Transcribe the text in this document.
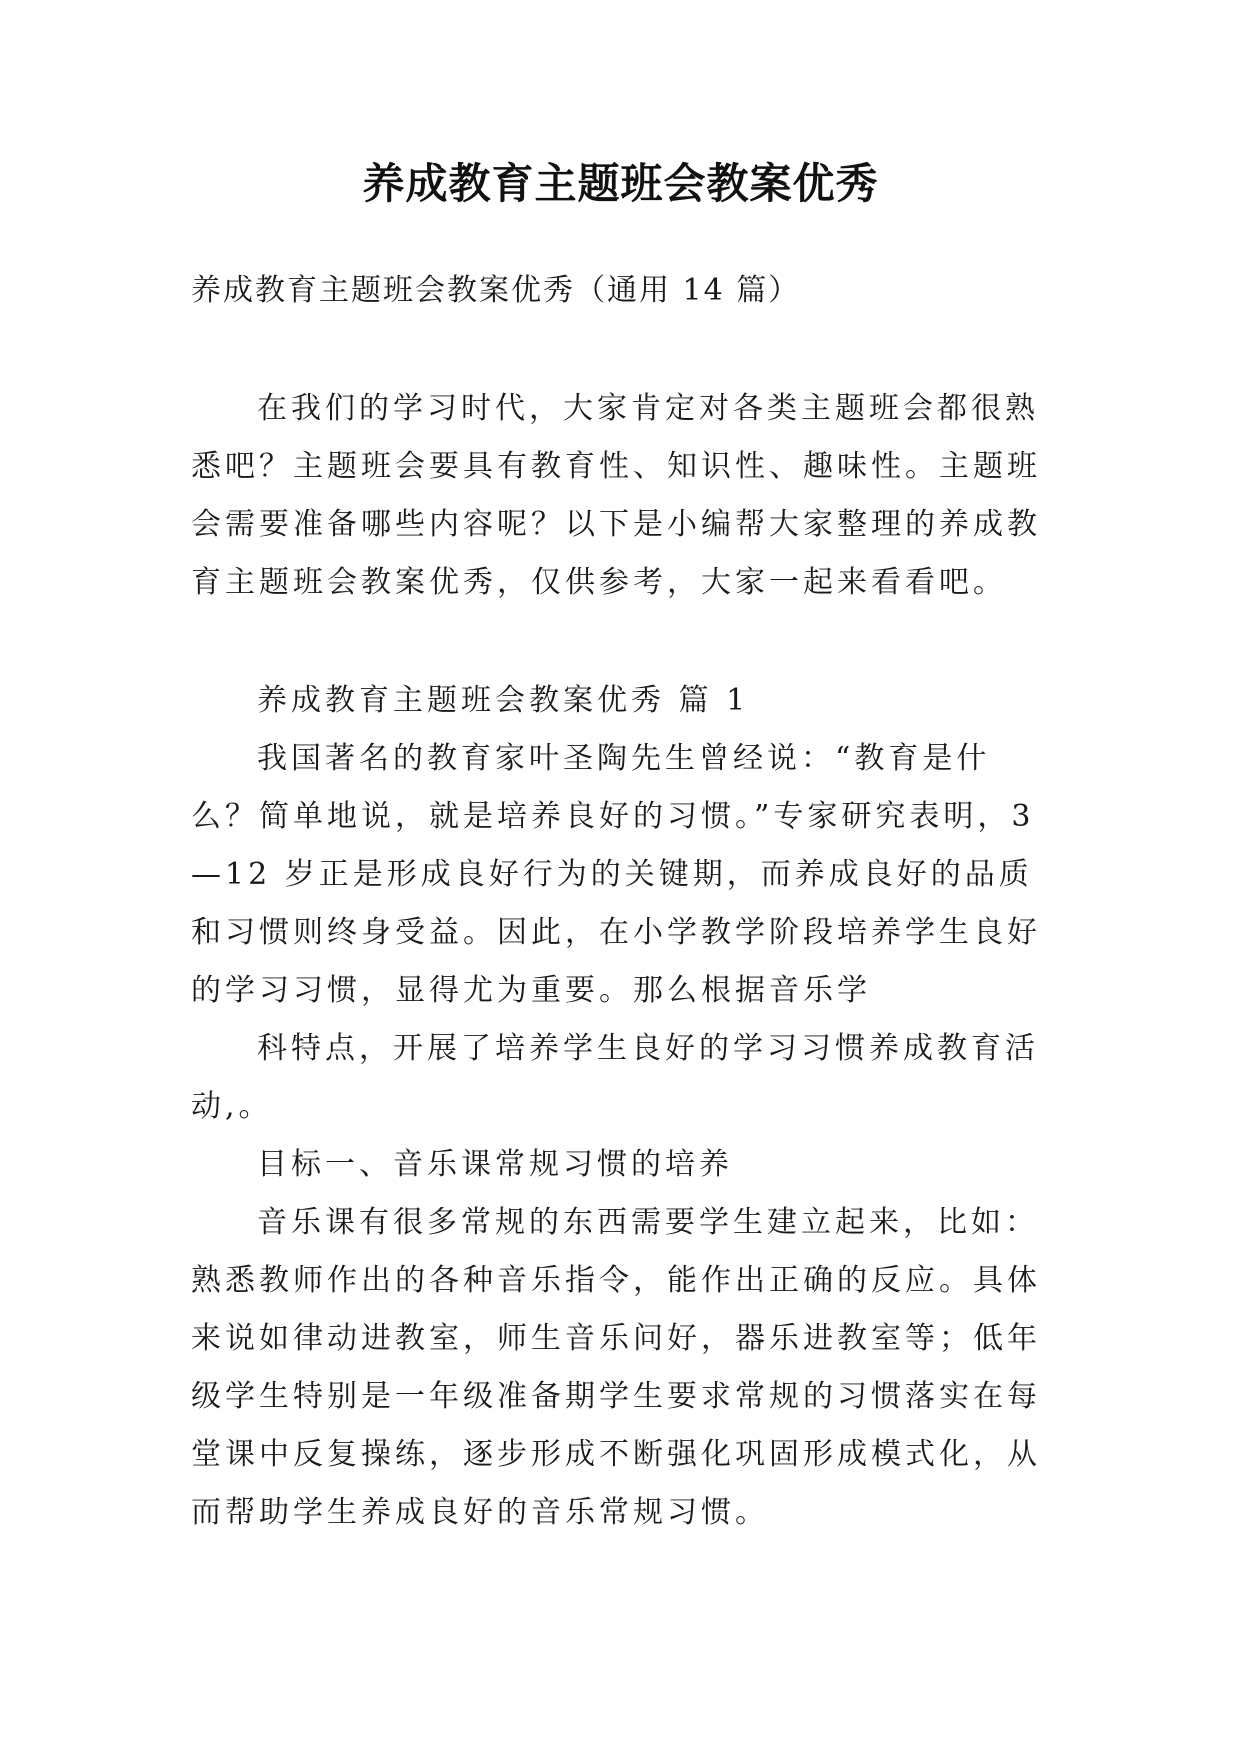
养成教育主题班会教案优秀

养成教育主题班会教案优秀（通用 14 篇）

在我们的学习时代，大家肯定对各类主题班会都很熟悉吧？主题班会要具有教育性、知识性、趣味性。主题班会需要准备哪些内容呢？以下是小编帮大家整理的养成教育主题班会教案优秀，仅供参考，大家一起来看看吧。

养成教育主题班会教案优秀 篇 1

我国著名的教育家叶圣陶先生曾经说：“教育是什么？简单地说，就是培养良好的习惯。”专家研究表明，3—12 岁正是形成良好行为的关键期，而养成良好的品质和习惯则终身受益。因此，在小学教学阶段培养学生良好的学习习惯，显得尤为重要。那么根据音乐学

科特点，开展了培养学生良好的学习习惯养成教育活动,。

目标一、音乐课常规习惯的培养

音乐课有很多常规的东西需要学生建立起来，比如：熟悉教师作出的各种音乐指令，能作出正确的反应。具体来说如律动进教室，师生音乐问好，器乐进教室等；低年级学生特别是一年级准备期学生要求常规的习惯落实在每堂课中反复操练，逐步形成不断强化巩固形成模式化，从而帮助学生养成良好的音乐常规习惯。
